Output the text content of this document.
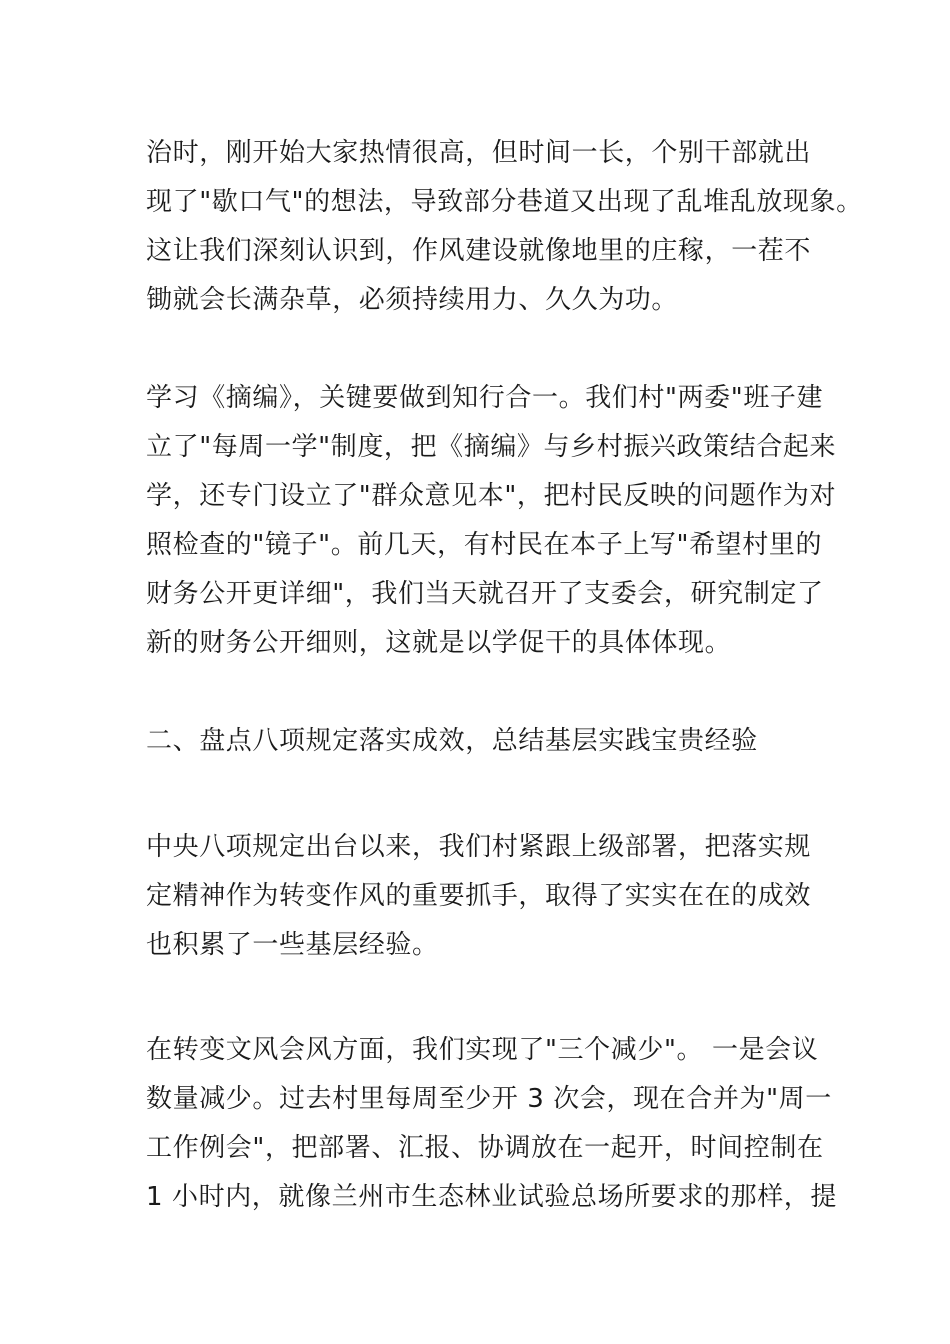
治时，刚开始大家热情很高，但时间一长，个别干部就出
现了"歇口气"的想法，导致部分巷道又出现了乱堆乱放现象。
这让我们深刻认识到，作风建设就像地里的庄稼，一茬不
锄就会长满杂草，必须持续用力、久久为功。
学习《摘编》，关键要做到知行合一。我们村"两委"班子建
立了"每周一学"制度，把《摘编》与乡村振兴政策结合起来
学，还专门设立了"群众意见本"，把村民反映的问题作为对
照检查的"镜子"。前几天，有村民在本子上写"希望村里的
财务公开更详细"，我们当天就召开了支委会，研究制定了
新的财务公开细则，这就是以学促干的具体体现。
二、盘点八项规定落实成效，总结基层实践宝贵经验
中央八项规定出台以来，我们村紧跟上级部署，把落实规
定精神作为转变作风的重要抓手，取得了实实在在的成效
也积累了一些基层经验。
在转变文风会风方面，我们实现了"三个减少"。 一是会议
数量减少。过去村里每周至少开 3 次会，现在合并为"周一
工作例会"，把部署、汇报、协调放在一起开，时间控制在
1 小时内，就像兰州市生态林业试验总场所要求的那样，提
